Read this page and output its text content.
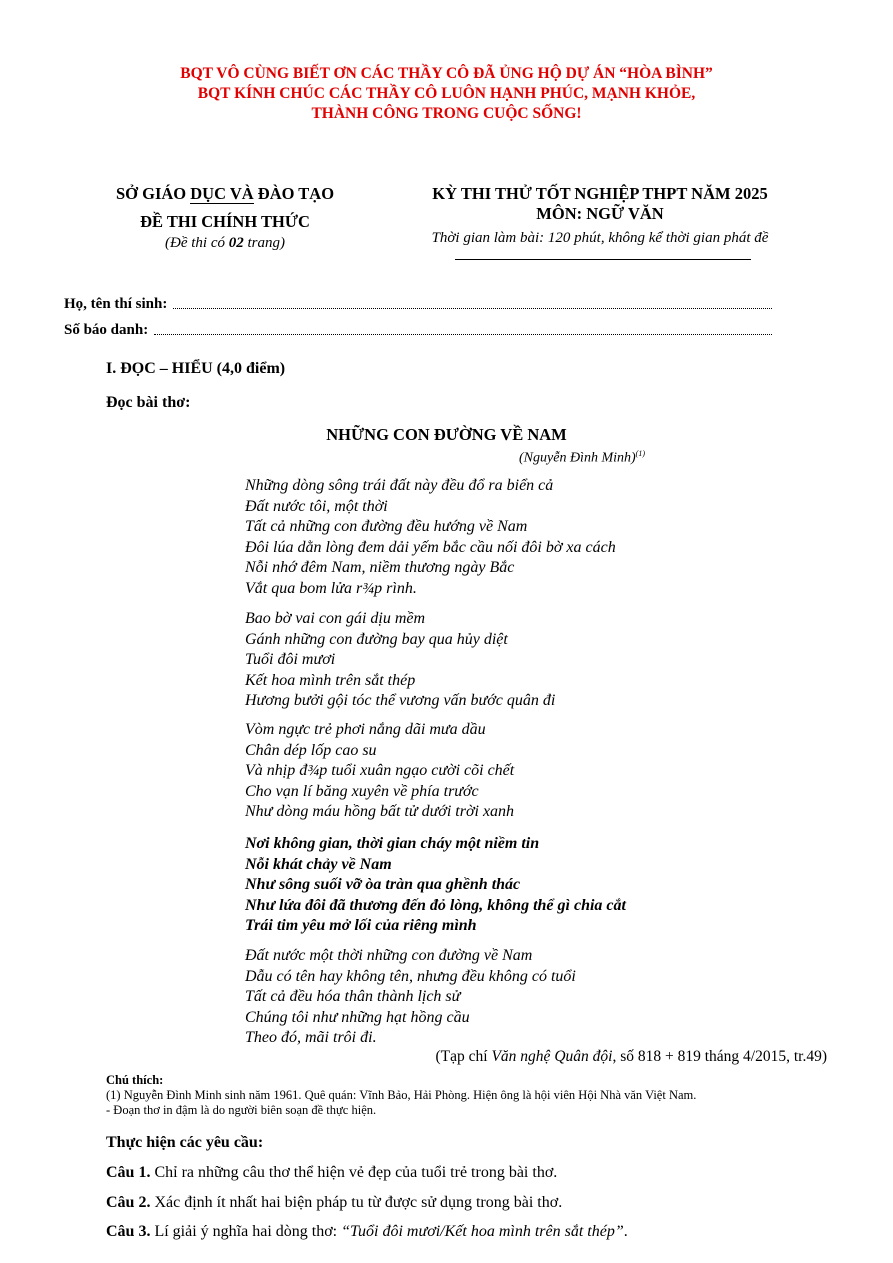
BQT VÔ CÙNG BIẾT ƠN CÁC THẦY CÔ ĐÃ ỦNG HỘ DỰ ÁN “HÒA BÌNH”
BQT KÍNH CHÚC CÁC THẦY CÔ LUÔN HẠNH PHÚC, MẠNH KHỎE,
THÀNH CÔNG TRONG CUỘC SỐNG!
SỞ GIÁO DỤC VÀ ĐÀO TẠO
ĐỀ THI CHÍNH THỨC
(Đề thi có 02 trang)
KỲ THI THỬ TỐT NGHIỆP THPT NĂM 2025
MÔN: NGỮ VĂN
Thời gian làm bài: 120 phút, không kể thời gian phát đề
Họ, tên thí sinh:
Số báo danh:
I. ĐỌC – HIỂU (4,0 điểm)
Đọc bài thơ:
NHỮNG CON ĐƯỜNG VỀ NAM
(Nguyễn Đình Minh)$^{(1)}$
Những dòng sông trái đất này đều đổ ra biển cả
Đất nước tôi, một thời
Tất cả những con đường đều hướng về Nam
Đôi lúa dằn lòng đem dải yếm bắc cầu nối đôi bờ xa cách
Nỗi nhớ đêm Nam, niềm thương ngày Bắc
Vắt qua bom lửa r¾p rình.
Bao bờ vai con gái dịu mềm
Gánh những con đường bay qua hủy diệt
Tuổi đôi mươi
Kết hoa mình trên sắt thép
Hương bưởi gội tóc thể vương vấn bước quân đi
Vòm ngực trẻ phơi nắng dãi mưa dầu
Chân dép lốp cao su
Và nhịp đ¾p tuổi xuân ngạo cười cõi chết
Cho vạn lí băng xuyên về phía trước
Như dòng máu hồng bất tử dưới trời xanh
Nơi không gian, thời gian cháy một niềm tin
Nỗi khát chảy về Nam
Như sông suối vỡ òa tràn qua ghềnh thác
Như lứa đôi đã thương đến đỏ lòng, không thể gì chia cắt
Trái tim yêu mở lối của riêng mình
Đất nước một thời những con đường về Nam
Dẫu có tên hay không tên, nhưng đều không có tuổi
Tất cả đều hóa thân thành lịch sử
Chúng tôi như những hạt hồng cầu
Theo đó, mãi trôi đi.
(Tạp chí Văn nghệ Quân đội, số 818 + 819 tháng 4/2015, tr.49)
Chú thích:
(1) Nguyễn Đình Minh sinh năm 1961. Quê quán: Vĩnh Bảo, Hải Phòng. Hiện ông là hội viên Hội Nhà văn Việt Nam.
- Đoạn thơ in đậm là do người biên soạn đề thực hiện.
Thực hiện các yêu cầu:
Câu 1. Chỉ ra những câu thơ thể hiện vẻ đẹp của tuổi trẻ trong bài thơ.
Câu 2. Xác định ít nhất hai biện pháp tu từ được sử dụng trong bài thơ.
Câu 3. Lí giải ý nghĩa hai dòng thơ: “Tuổi đôi mươi/Kết hoa mình trên sắt thép”.
